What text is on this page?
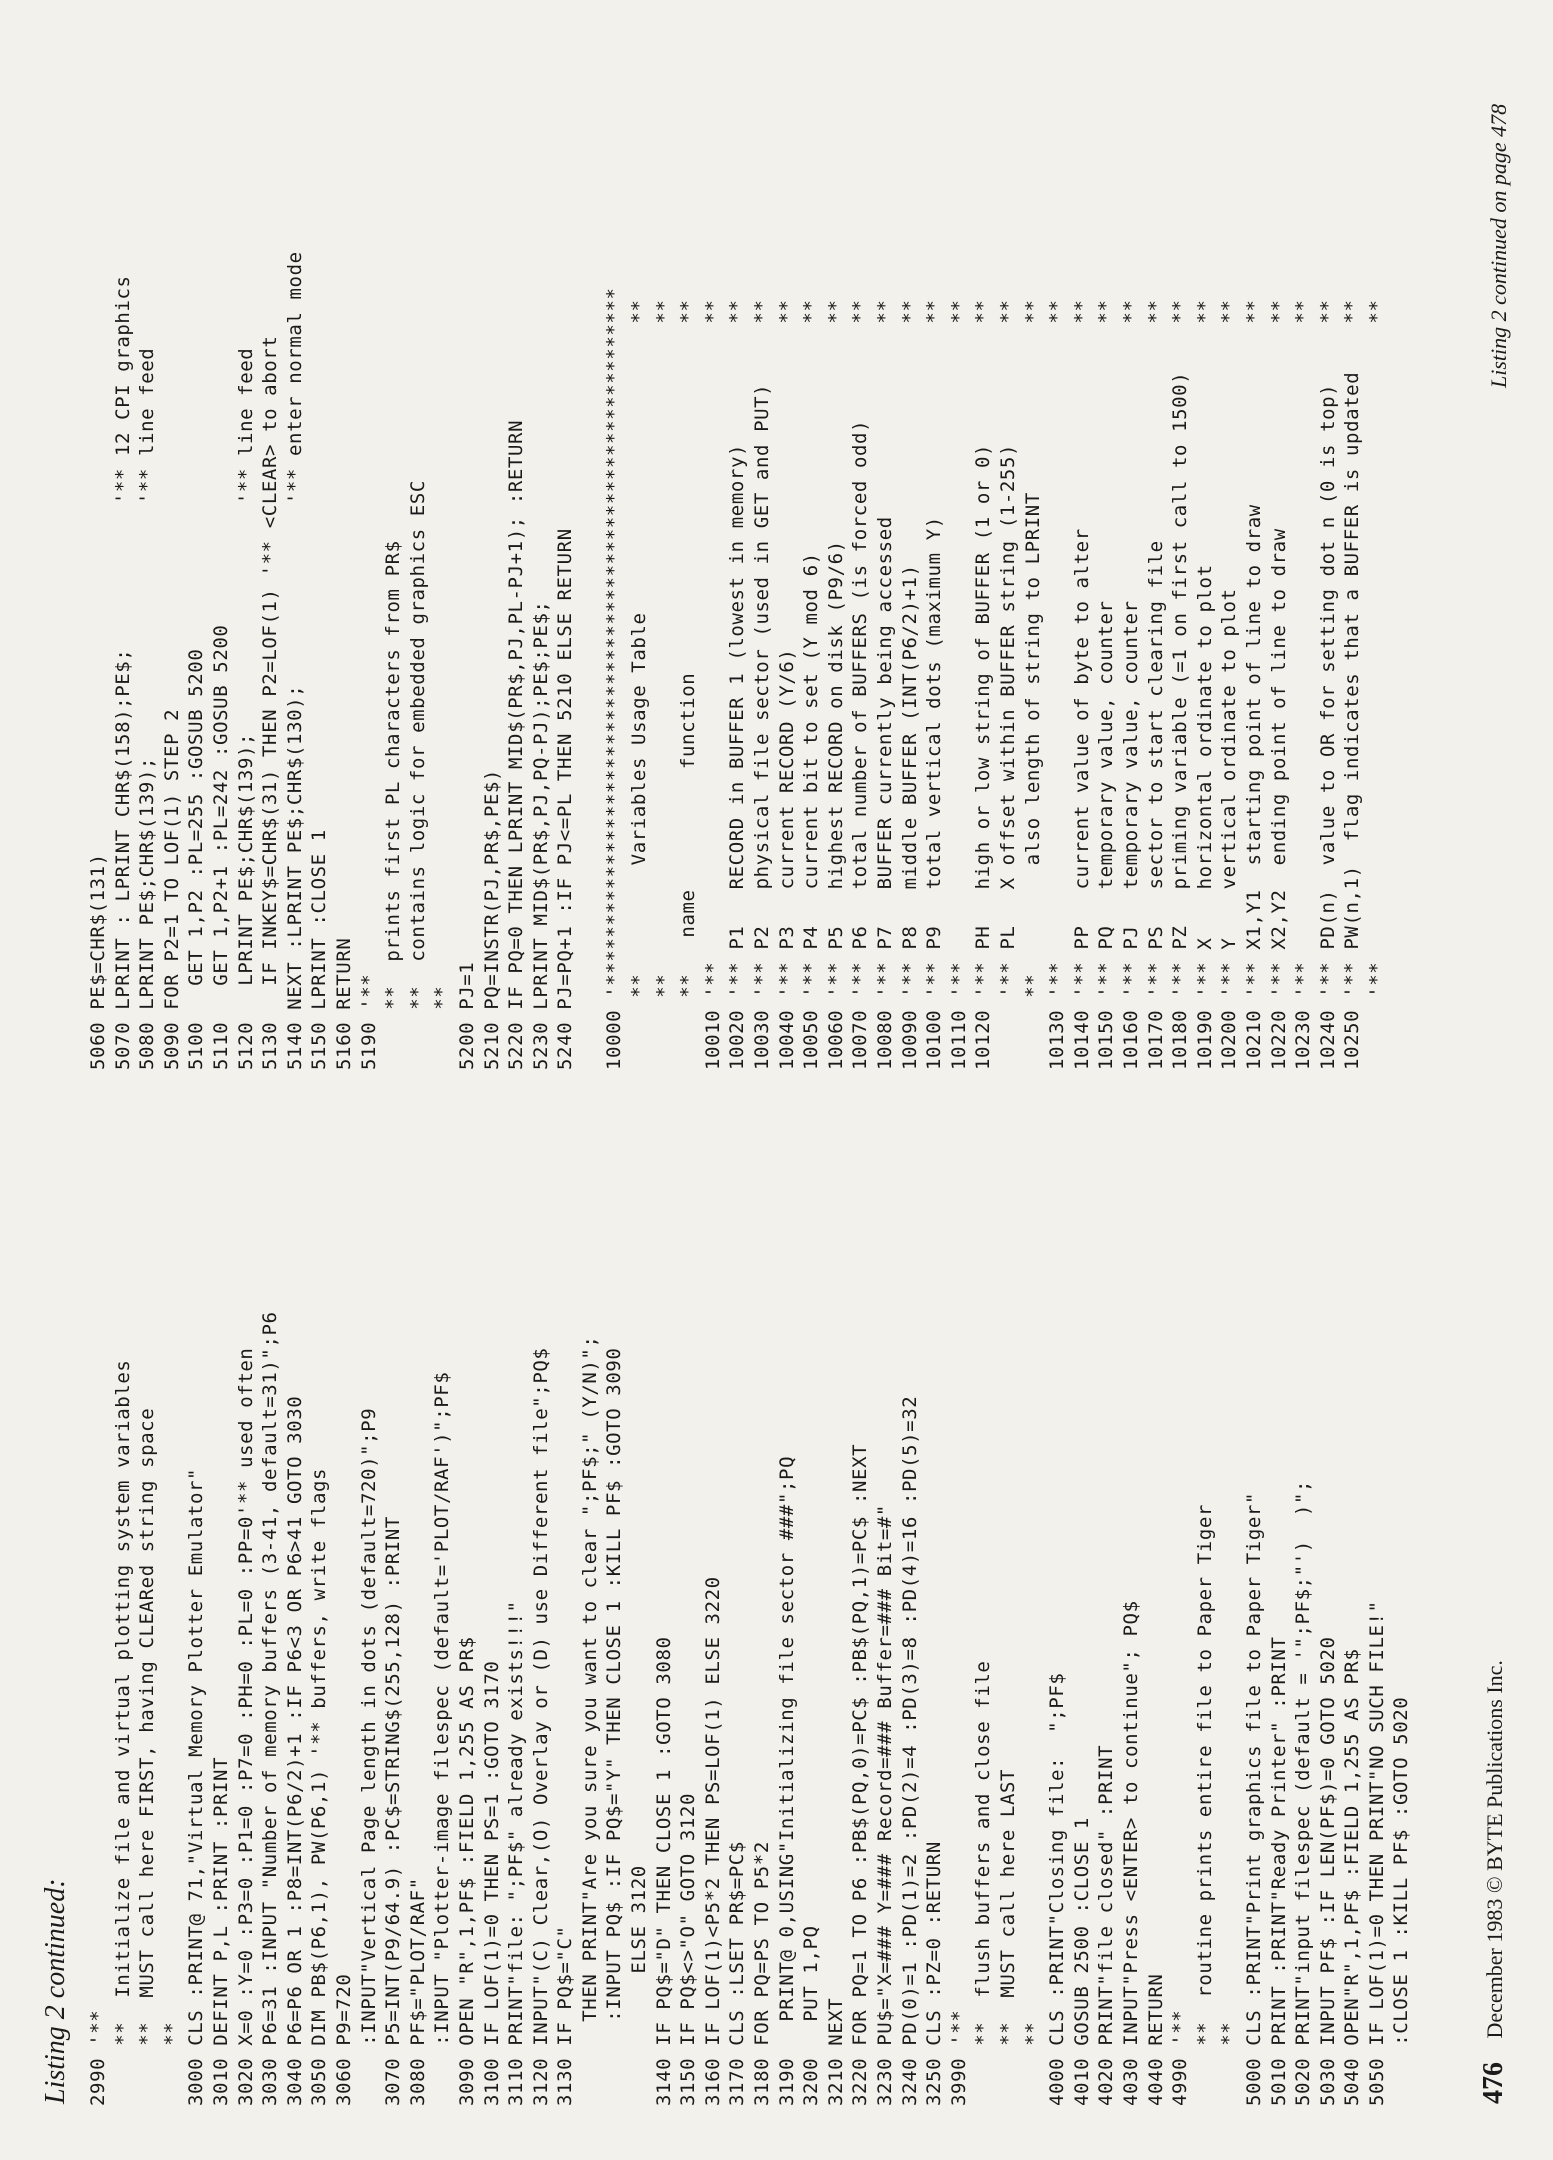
Listing 2 continued: 2990 '**
**  Initialize file and virtual plotting system variables
**  MUST call here FIRST, having CLEARed string space
**
3000 CLS :PRINT@ 71,"Virtual Memory Plotter Emulator"
3010 DEFINT P,L :PRINT :PRINT
3020 X=0 :Y=0 :P3=0 :P1=0 :P7=0 :PH=0 :PL=0 :PP=0'** used often
3030 P6=31 :INPUT "Number of memory buffers (3-41, default=31)";P6
3040 P6=P6 OR 1 :P8=INT(P6/2)+1 :IF P6<3 OR P6>41 GOTO 3030
3050 DIM PB$(P6,1), PW(P6,1) '** buffers, write flags
3060 P9=720
:INPUT"Vertical Page length in dots (default=720)";P9
3070 P5=INT(P9/64.9) :PC$=STRING$(255,128) :PRINT
3080 PF$="PLOT/RAF"
:INPUT "Plotter-image filespec (default='PLOT/RAF')";PF$
3090 OPEN "R",1,PF$ :FIELD 1,255 AS PR$
3100 IF LOF(1)=0 THEN PS=1 :GOTO 3170
3110 PRINT"file: ";PF$" already exists!!!"
3120 INPUT"(C) Clear,(O) Overlay or (D) use Different file";PQ$
3130 IF PQ$="C"
THEN PRINT"Are you sure you want to clear ";PF$;" (Y/N)";
:INPUT PQ$ :IF PQ$="Y" THEN CLOSE 1 :KILL PF$ :GOTO 3090
ELSE 3120
3140 IF PQ$="D" THEN CLOSE 1 :GOTO 3080
3150 IF PQ$<>"O" GOTO 3120
3160 IF LOF(1)<P5*2 THEN PS=LOF(1) ELSE 3220
3170 CLS :LSET PR$=PC$
3180 FOR PQ=PS TO P5*2
3190   PRINT@ 0,USING"Initializing file sector ###";PQ
3200   PUT 1,PQ
3210 NEXT
3220 FOR PQ=1 TO P6 :PB$(PQ,0)=PC$ :PB$(PQ,1)=PC$ :NEXT
3230 PU$="X=### Y=### Record=### Buffer=### Bit=#"
3240 PD(0)=1 :PD(1)=2 :PD(2)=4 :PD(3)=8 :PD(4)=16 :PD(5)=32
3250 CLS :PZ=0 :RETURN
3990 '**
**  flush buffers and close file
**  MUST call here LAST
**
4000 CLS :PRINT"Closing file:  ";PF$
4010 GOSUB 2500 :CLOSE 1
4020 PRINT"file closed" :PRINT
4030 INPUT"Press <ENTER> to continue"; PQ$
4040 RETURN
4990 '**
**  routine prints entire file to Paper Tiger
**
5000 CLS :PRINT"Print graphics file to Paper Tiger"
5010 PRINT :PRINT"Ready Printer" :PRINT
5020 PRINT"input filespec (default = '";PF$;"')  )";
5030 INPUT PF$ :IF LEN(PF$)=0 GOTO 5020
5040 OPEN"R",1,PF$ :FIELD 1,255 AS PR$
5050 IF LOF(1)=0 THEN PRINT"NO SUCH FILE!"
:CLOSE 1 :KILL PF$ :GOTO 5020
5060 PE$=CHR$(131)
5070 LPRINT : LPRINT CHR$(158);PE$;            '** 12 CPI graphics
5080 LPRINT PE$;CHR$(139);                     '** line feed
5090 FOR P2=1 TO LOF(1) STEP 2
5100   GET 1,P2 :PL=255 :GOSUB 5200
5110   GET 1,P2+1 :PL=242 :GOSUB 5200
5120   LPRINT PE$;CHR$(139);                   '** line feed
5130   IF INKEY$=CHR$(31) THEN P2=LOF(1) '** <CLEAR> to abort
5140 NEXT :LPRINT PE$;CHR$(130);               '** enter normal mode
5150 LPRINT :CLOSE 1
5160 RETURN
5190 '**
**  prints first PL characters from PR$
**  contains logic for embedded graphics ESC
**
5200 PJ=1
5210 PQ=INSTR(PJ,PR$,PE$)
5220 IF PQ=0 THEN LPRINT MID$(PR$,PJ,PL-PJ+1); :RETURN
5230 LPRINT MID$(PR$,PJ,PQ-PJ);PE$;PE$;
5240 PJ=PQ+1 :IF PJ<=PL THEN 5210 ELSE RETURN

10000 '**********************************************************
**         Variables Usage Table                        **
**                                                      **
**   name          function                             **
10010 '**                                                     **
10020 '** P1   RECORD in BUFFER 1 (lowest in memory)          **
10030 '** P2   physical file sector (used in GET and PUT)     **
10040 '** P3   current RECORD (Y/6)                           **
10050 '** P4   current bit to set (Y mod 6)                   **
10060 '** P5   highest RECORD on disk (P9/6)                  **
10070 '** P6   total number of BUFFERS (is forced odd)        **
10080 '** P7   BUFFER currently being accessed                **
10090 '** P8   middle BUFFER (INT(P6/2)+1)                    **
10100 '** P9   total vertical dots (maximum Y)                **
10110 '**                                                     **
10120 '** PH   high or low string of BUFFER (1 or 0)          **
'** PL   X offset within BUFFER string (1-255)          **
**         also length of string to LPRINT              **
10130 '**                                                     **
10140 '** PP   current value of byte to alter                 **
10150 '** PQ   temporary value, counter                       **
10160 '** PJ   temporary value, counter                       **
10170 '** PS   sector to start clearing file                  **
10180 '** PZ   priming variable (=1 on first call to 1500)    **
10190 '** X    horizontal ordinate to plot                    **
10200 '** Y    vertical ordinate to plot                      **
10210 '** X1,Y1  starting point of line to draw               **
10220 '** X2,Y2  ending point of line to draw                 **
10230 '**                                                     **
10240 '** PD(n)  value to OR for setting dot n (0 is top)     **
10250 '** PW(n,1)  flag indicates that a BUFFER is updated    **
'**                                                     **
476 December 1983 © BYTE Publications Inc.
Listing 2 continued on page 478
